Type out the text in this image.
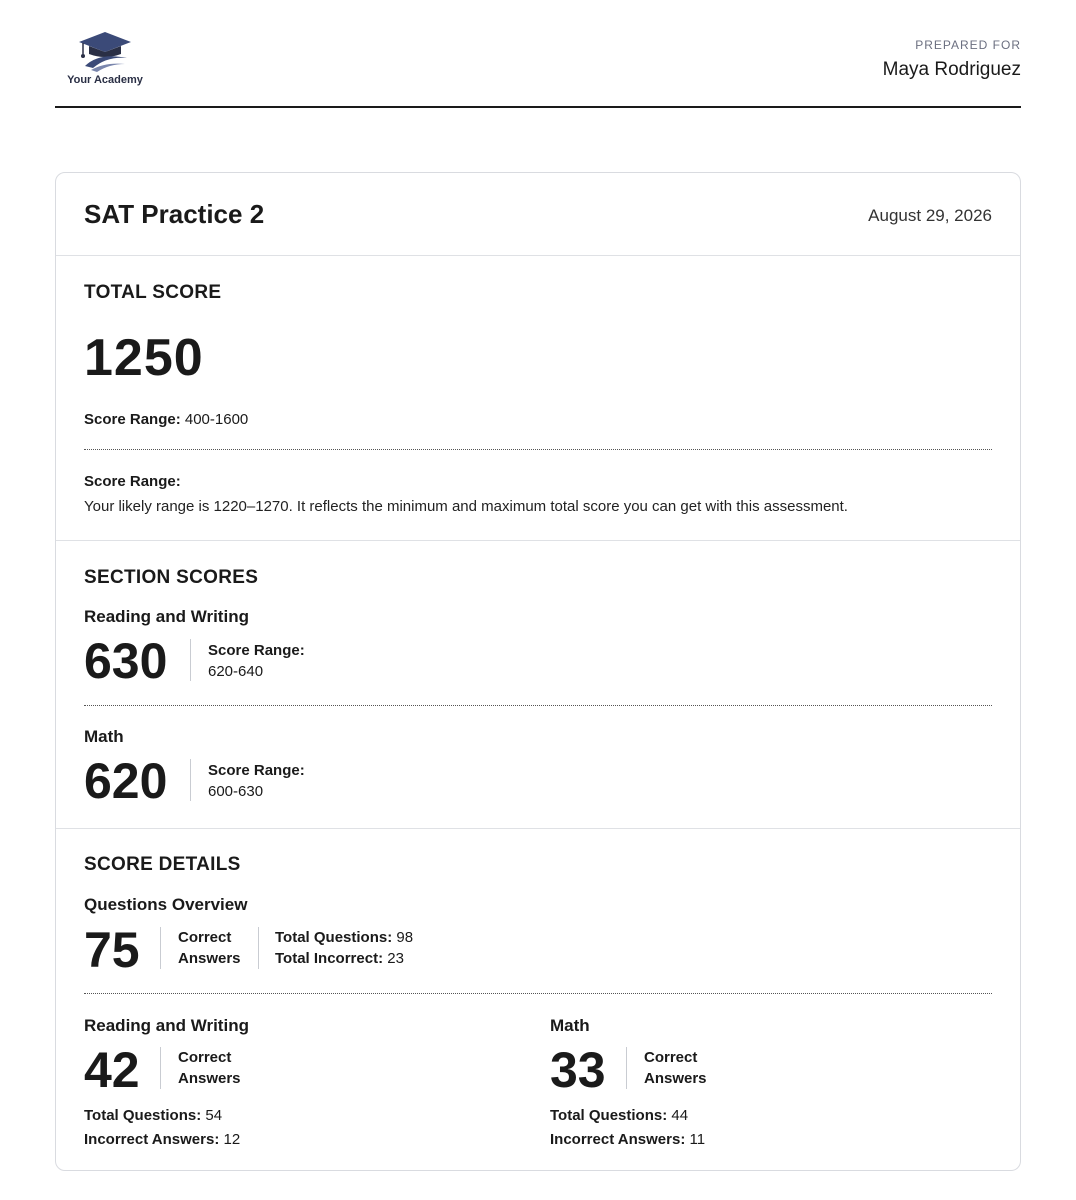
Your Academy
PREPARED FOR
Maya Rodriguez
SAT Practice 2	August 29, 2026
TOTAL SCORE
1250
Score Range: 400-1600
Score Range:
Your likely range is 1220–1270. It reflects the minimum and maximum total score you can get with this assessment.
SECTION SCORES
Reading and Writing
630	Score Range:
620-640
Math
620	Score Range:
600-630
SCORE DETAILS
Questions Overview
75	Correct
Answers
Total Questions: 98
Total Incorrect: 23
Reading and Writing
42	Correct
Answers
Total Questions: 54
Incorrect Answers: 12
Math
33	Correct
Answers
Total Questions: 44
Incorrect Answers: 11
